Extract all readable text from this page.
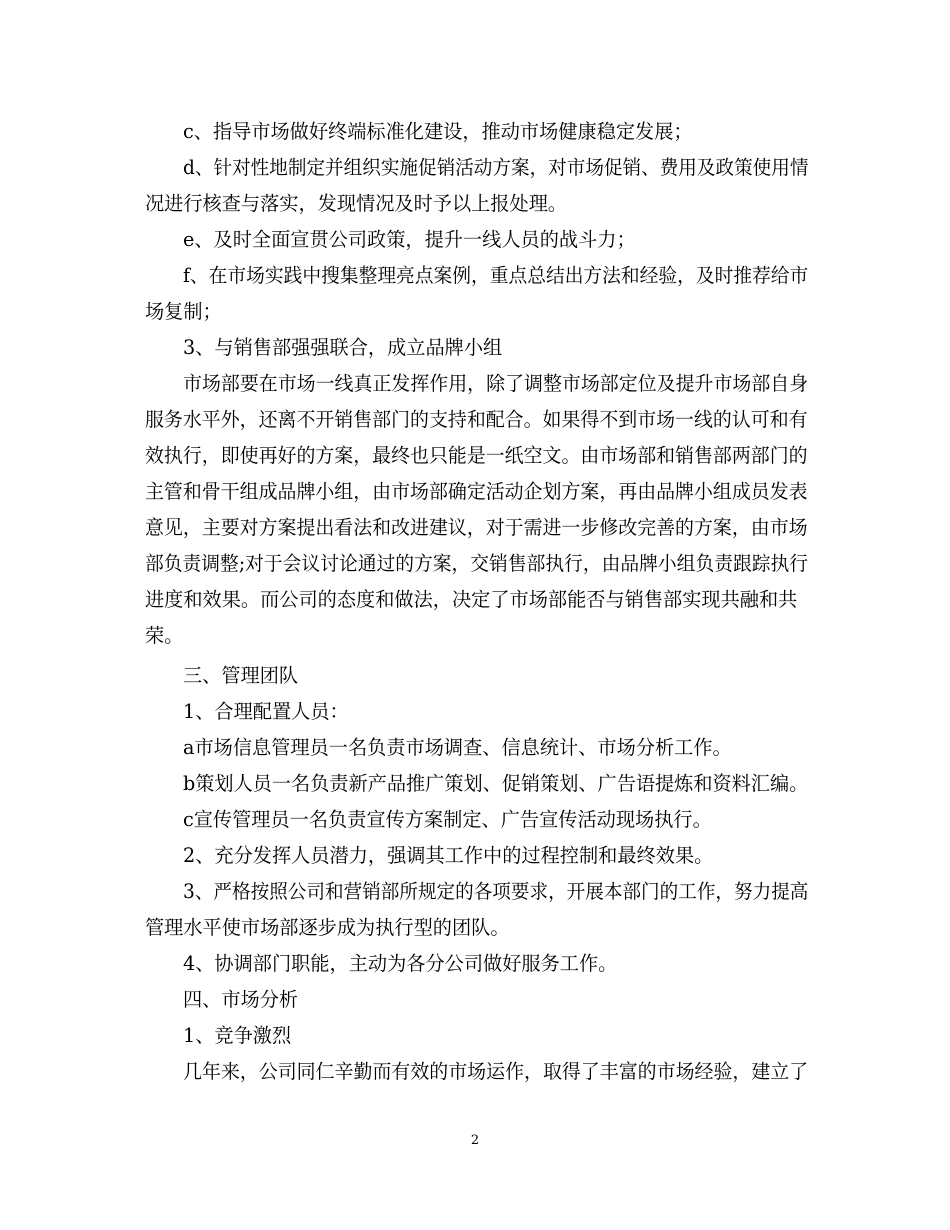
c、指导市场做好终端标准化建设，推动市场健康稳定发展；
d、针对性地制定并组织实施促销活动方案，对市场促销、费用及政策使用情
况进行核查与落实，发现情况及时予以上报处理。
e、及时全面宣贯公司政策，提升一线人员的战斗力；
f、在市场实践中搜集整理亮点案例，重点总结出方法和经验，及时推荐给市
场复制；
3、与销售部强强联合，成立品牌小组
市场部要在市场一线真正发挥作用，除了调整市场部定位及提升市场部自身
服务水平外，还离不开销售部门的支持和配合。如果得不到市场一线的认可和有
效执行，即使再好的方案，最终也只能是一纸空文。由市场部和销售部两部门的
主管和骨干组成品牌小组，由市场部确定活动企划方案，再由品牌小组成员发表
意见，主要对方案提出看法和改进建议，对于需进一步修改完善的方案，由市场
部负责调整;对于会议讨论通过的方案，交销售部执行，由品牌小组负责跟踪执行
进度和效果。而公司的态度和做法，决定了市场部能否与销售部实现共融和共
荣。
三、管理团队
1、合理配置人员：
a市场信息管理员一名负责市场调查、信息统计、市场分析工作。
b策划人员一名负责新产品推广策划、促销策划、广告语提炼和资料汇编。
c宣传管理员一名负责宣传方案制定、广告宣传活动现场执行。
2、充分发挥人员潜力，强调其工作中的过程控制和最终效果。
3、严格按照公司和营销部所规定的各项要求，开展本部门的工作，努力提高
管理水平使市场部逐步成为执行型的团队。
4、协调部门职能，主动为各分公司做好服务工作。
四、市场分析
1、竞争激烈
几年来，公司同仁辛勤而有效的市场运作，取得了丰富的市场经验，建立了
2
